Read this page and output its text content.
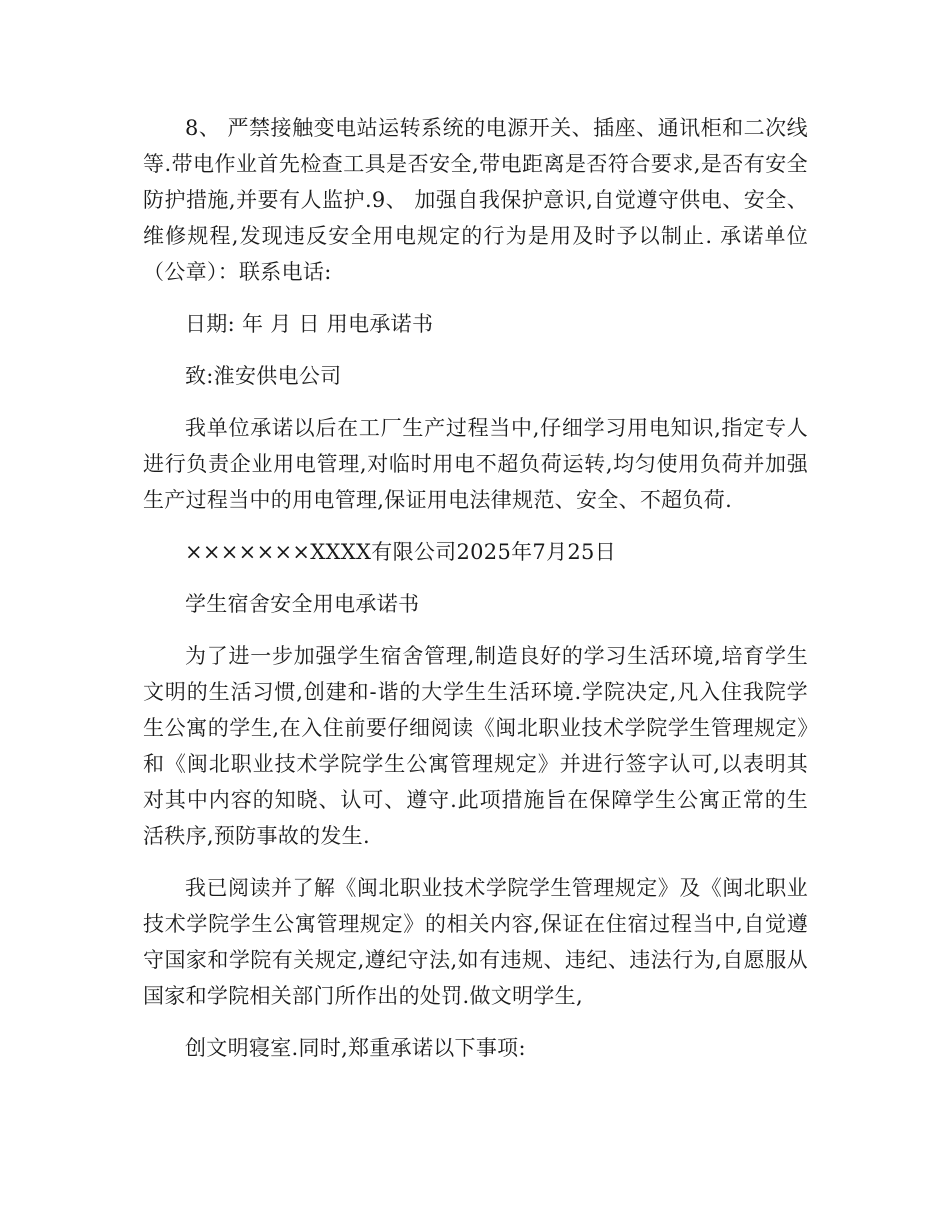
8、 严禁接触变电站运转系统的电源开关、插座、通讯柜和二次线等.带电作业首先检查工具是否安全,带电距离是否符合要求,是否有安全防护措施,并要有人监护.9、 加强自我保护意识,自觉遵守供电、安全、维修规程,发现违反安全用电规定的行为是用及时予以制止. 承诺单位（公章）：联系电话:

日期: 年 月 日 用电承诺书

致:淮安供电公司

我单位承诺以后在工厂生产过程当中,仔细学习用电知识,指定专人进行负责企业用电管理,对临时用电不超负荷运转,均匀使用负荷并加强生产过程当中的用电管理,保证用电法律规范、安全、不超负荷.

×××××××XXXX有限公司2025年7月25日

学生宿舍安全用电承诺书

为了进一步加强学生宿舍管理,制造良好的学习生活环境,培育学生文明的生活习惯,创建和-谐的大学生生活环境.学院决定,凡入住我院学生公寓的学生,在入住前要仔细阅读《闽北职业技术学院学生管理规定》和《闽北职业技术学院学生公寓管理规定》并进行签字认可,以表明其对其中内容的知晓、认可、遵守.此项措施旨在保障学生公寓正常的生活秩序,预防事故的发生.

我已阅读并了解《闽北职业技术学院学生管理规定》及《闽北职业技术学院学生公寓管理规定》的相关内容,保证在住宿过程当中,自觉遵守国家和学院有关规定,遵纪守法,如有违规、违纪、违法行为,自愿服从国家和学院相关部门所作出的处罚.做文明学生,

创文明寝室.同时,郑重承诺以下事项:
